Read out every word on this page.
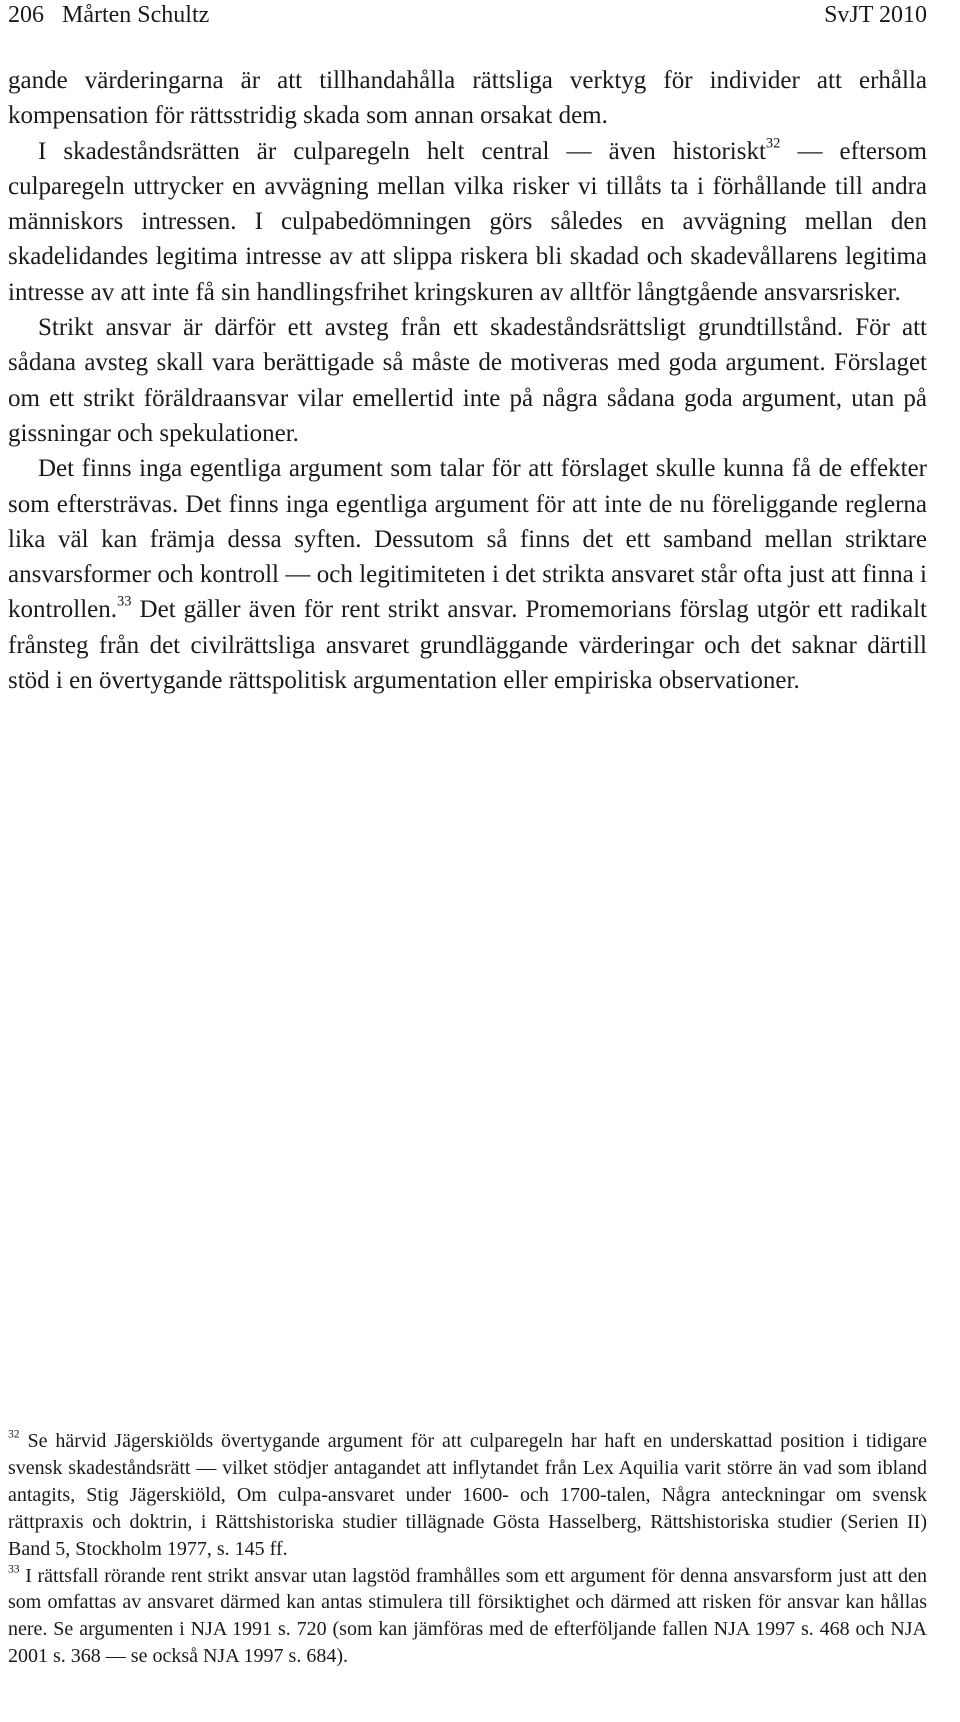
206 Mårten Schultz	SvJT 2010

gande värderingarna är att tillhandahålla rättsliga verktyg för individer att erhålla kompensation för rättsstridig skada som annan orsakat dem.

I skadeståndsrätten är culparegeln helt central — även historiskt$^{32}$ — eftersom culparegeln uttrycker en avvägning mellan vilka risker vi tillåts ta i förhållande till andra människors intressen. I culpabedömningen görs således en avvägning mellan den skadelidandes legitima intresse av att slippa riskera bli skadad och skadevållarens legitima intresse av att inte få sin handlingsfrihet kringskuren av alltför långtgående ansvarsrisker.

Strikt ansvar är därför ett avsteg från ett skadeståndsrättsligt grundtillstånd. För att sådana avsteg skall vara berättigade så måste de motiveras med goda argument. Förslaget om ett strikt föräldraansvar vilar emellertid inte på några sådana goda argument, utan på gissningar och spekulationer.

Det finns inga egentliga argument som talar för att förslaget skulle kunna få de effekter som eftersträvas. Det finns inga egentliga argument för att inte de nu föreliggande reglerna lika väl kan främja dessa syften. Dessutom så finns det ett samband mellan striktare ansvarsformer och kontroll — och legitimiteten i det strikta ansvaret står ofta just att finna i kontrollen.$^{33}$ Det gäller även för rent strikt ansvar. Promemorians förslag utgör ett radikalt frånsteg från det civilrättsliga ansvaret grundläggande värderingar och det saknar därtill stöd i en övertygande rättspolitisk argumentation eller empiriska observationer.

$^{32}$ Se härvid Jägerskiölds övertygande argument för att culparegeln har haft en underskattad position i tidigare svensk skadeståndsrätt — vilket stödjer antagandet att inflytandet från Lex Aquilia varit större än vad som ibland antagits, Stig Jägerskiöld, Om culpa-ansvaret under 1600- och 1700-talen, Några anteckningar om svensk rättpraxis och doktrin, i Rättshistoriska studier tillägnade Gösta Hasselberg, Rättshistoriska studier (Serien II) Band 5, Stockholm 1977, s. 145 ff.

$^{33}$ I rättsfall rörande rent strikt ansvar utan lagstöd framhålles som ett argument för denna ansvarsform just att den som omfattas av ansvaret därmed kan antas stimulera till försiktighet och därmed att risken för ansvar kan hållas nere. Se argumenten i NJA 1991 s. 720 (som kan jämföras med de efterföljande fallen NJA 1997 s. 468 och NJA 2001 s. 368 — se också NJA 1997 s. 684).
